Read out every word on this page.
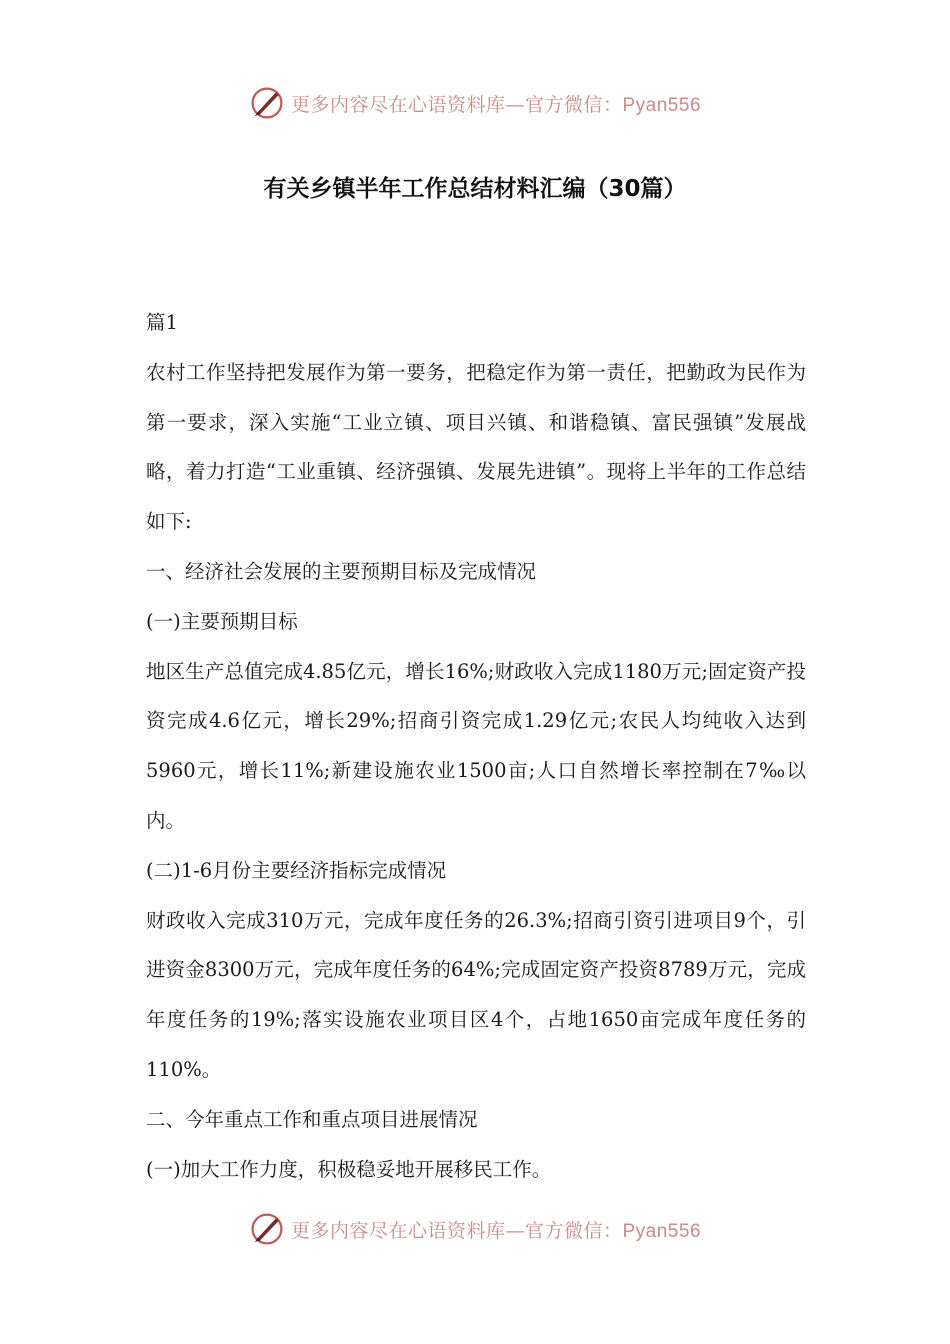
更多内容尽在心语资料库—官方微信：Pyan556
有关乡镇半年工作总结材料汇编（30篇）

篇1

农村工作坚持把发展作为第一要务，把稳定作为第一责任，把勤政为民作为第一要求，深入实施“工业立镇、项目兴镇、和谐稳镇、富民强镇”发展战略，着力打造“工业重镇、经济强镇、发展先进镇”。现将上半年的工作总结如下:

一、经济社会发展的主要预期目标及完成情况

(一)主要预期目标

地区生产总值完成4.85亿元，增长16%;财政收入完成1180万元;固定资产投资完成4.6亿元，增长29%;招商引资完成1.29亿元;农民人均纯收入达到5960元，增长11%;新建设施农业1500亩;人口自然增长率控制在7‰以内。

(二)1-6月份主要经济指标完成情况

财政收入完成310万元，完成年度任务的26.3%;招商引资引进项目9个，引进资金8300万元，完成年度任务的64%;完成固定资产投资8789万元，完成年度任务的19%;落实设施农业项目区4个，占地1650亩完成年度任务的110%。

二、今年重点工作和重点项目进展情况

(一)加大工作力度，积极稳妥地开展移民工作。

更多内容尽在心语资料库—官方微信：Pyan556
